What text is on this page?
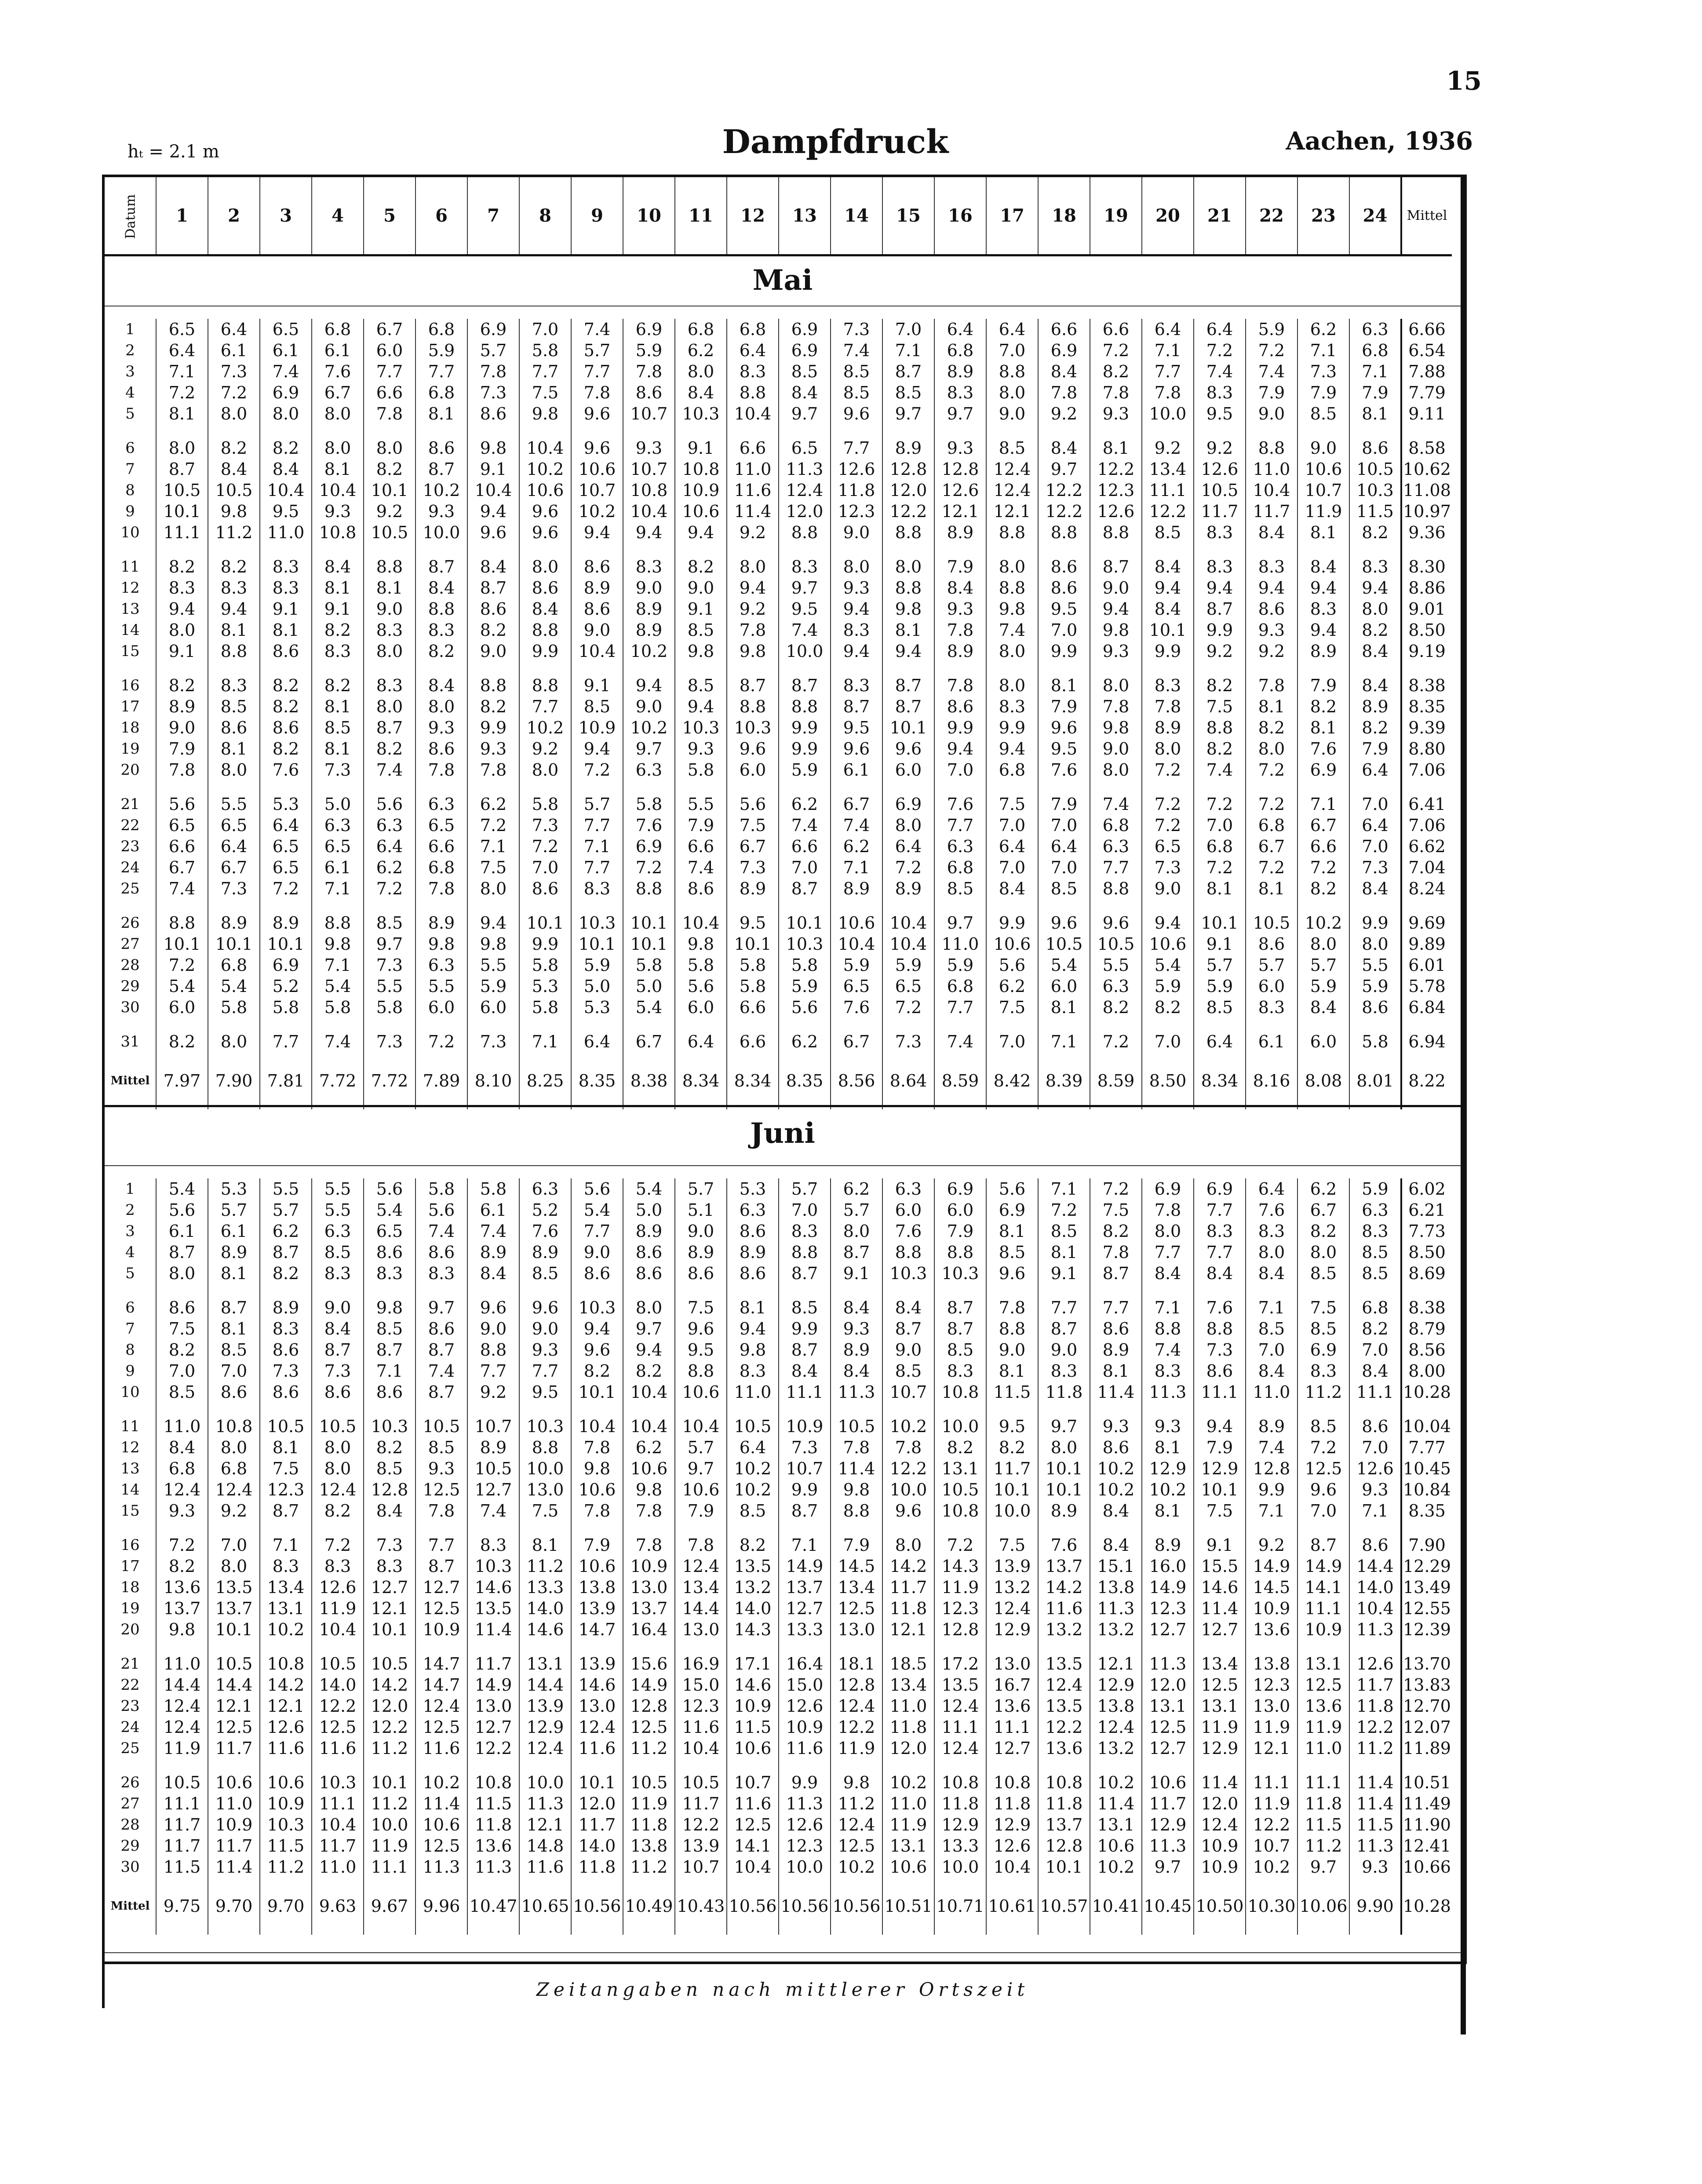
15
hₜ = 2.1 m	Dampfdruck	Aachen, 1936
Datum	1	2	3	4	5	6	7	8	9	10	11	12	13	14	15	16	17	18	19	20	21	22	23	24	Mittel
Mai
1	6.5	6.4	6.5	6.8	6.7	6.8	6.9	7.0	7.4	6.9	6.8	6.8	6.9	7.3	7.0	6.4	6.4	6.6	6.6	6.4	6.4	5.9	6.2	6.3	6.66
2	6.4	6.1	6.1	6.1	6.0	5.9	5.7	5.8	5.7	5.9	6.2	6.4	6.9	7.4	7.1	6.8	7.0	6.9	7.2	7.1	7.2	7.2	7.1	6.8	6.54
3	7.1	7.3	7.4	7.6	7.7	7.7	7.8	7.7	7.7	7.8	8.0	8.3	8.5	8.5	8.7	8.9	8.8	8.4	8.2	7.7	7.4	7.4	7.3	7.1	7.88
4	7.2	7.2	6.9	6.7	6.6	6.8	7.3	7.5	7.8	8.6	8.4	8.8	8.4	8.5	8.5	8.3	8.0	7.8	7.8	7.8	8.3	7.9	7.9	7.9	7.79
5	8.1	8.0	8.0	8.0	7.8	8.1	8.6	9.8	9.6	10.7	10.3	10.4	9.7	9.6	9.7	9.7	9.0	9.2	9.3	10.0	9.5	9.0	8.5	8.1	9.11

6	8.0	8.2	8.2	8.0	8.0	8.6	9.8	10.4	9.6	9.3	9.1	6.6	6.5	7.7	8.9	9.3	8.5	8.4	8.1	9.2	9.2	8.8	9.0	8.6	8.58
7	8.7	8.4	8.4	8.1	8.2	8.7	9.1	10.2	10.6	10.7	10.8	11.0	11.3	12.6	12.8	12.8	12.4	9.7	12.2	13.4	12.6	11.0	10.6	10.5	10.62
8	10.5	10.5	10.4	10.4	10.1	10.2	10.4	10.6	10.7	10.8	10.9	11.6	12.4	11.8	12.0	12.6	12.4	12.2	12.3	11.1	10.5	10.4	10.7	10.3	11.08
9	10.1	9.8	9.5	9.3	9.2	9.3	9.4	9.6	10.2	10.4	10.6	11.4	12.0	12.3	12.2	12.1	12.1	12.2	12.6	12.2	11.7	11.7	11.9	11.5	10.97
10	11.1	11.2	11.0	10.8	10.5	10.0	9.6	9.6	9.4	9.4	9.4	9.2	8.8	9.0	8.8	8.9	8.8	8.8	8.8	8.5	8.3	8.4	8.1	8.2	9.36

11	8.2	8.2	8.3	8.4	8.8	8.7	8.4	8.0	8.6	8.3	8.2	8.0	8.3	8.0	8.0	7.9	8.0	8.6	8.7	8.4	8.3	8.3	8.4	8.3	8.30
12	8.3	8.3	8.3	8.1	8.1	8.4	8.7	8.6	8.9	9.0	9.0	9.4	9.7	9.3	8.8	8.4	8.8	8.6	9.0	9.4	9.4	9.4	9.4	9.4	8.86
13	9.4	9.4	9.1	9.1	9.0	8.8	8.6	8.4	8.6	8.9	9.1	9.2	9.5	9.4	9.8	9.3	9.8	9.5	9.4	8.4	8.7	8.6	8.3	8.0	9.01
14	8.0	8.1	8.1	8.2	8.3	8.3	8.2	8.8	9.0	8.9	8.5	7.8	7.4	8.3	8.1	7.8	7.4	7.0	9.8	10.1	9.9	9.3	9.4	8.2	8.50
15	9.1	8.8	8.6	8.3	8.0	8.2	9.0	9.9	10.4	10.2	9.8	9.8	10.0	9.4	9.4	8.9	8.0	9.9	9.3	9.9	9.2	9.2	8.9	8.4	9.19

16	8.2	8.3	8.2	8.2	8.3	8.4	8.8	8.8	9.1	9.4	8.5	8.7	8.7	8.3	8.7	7.8	8.0	8.1	8.0	8.3	8.2	7.8	7.9	8.4	8.38
17	8.9	8.5	8.2	8.1	8.0	8.0	8.2	7.7	8.5	9.0	9.4	8.8	8.8	8.7	8.7	8.6	8.3	7.9	7.8	7.8	7.5	8.1	8.2	8.9	8.35
18	9.0	8.6	8.6	8.5	8.7	9.3	9.9	10.2	10.9	10.2	10.3	10.3	9.9	9.5	10.1	9.9	9.9	9.6	9.8	8.9	8.8	8.2	8.1	8.2	9.39
19	7.9	8.1	8.2	8.1	8.2	8.6	9.3	9.2	9.4	9.7	9.3	9.6	9.9	9.6	9.6	9.4	9.4	9.5	9.0	8.0	8.2	8.0	7.6	7.9	8.80
20	7.8	8.0	7.6	7.3	7.4	7.8	7.8	8.0	7.2	6.3	5.8	6.0	5.9	6.1	6.0	7.0	6.8	7.6	8.0	7.2	7.4	7.2	6.9	6.4	7.06

21	5.6	5.5	5.3	5.0	5.6	6.3	6.2	5.8	5.7	5.8	5.5	5.6	6.2	6.7	6.9	7.6	7.5	7.9	7.4	7.2	7.2	7.2	7.1	7.0	6.41
22	6.5	6.5	6.4	6.3	6.3	6.5	7.2	7.3	7.7	7.6	7.9	7.5	7.4	7.4	8.0	7.7	7.0	7.0	6.8	7.2	7.0	6.8	6.7	6.4	7.06
23	6.6	6.4	6.5	6.5	6.4	6.6	7.1	7.2	7.1	6.9	6.6	6.7	6.6	6.2	6.4	6.3	6.4	6.4	6.3	6.5	6.8	6.7	6.6	7.0	6.62
24	6.7	6.7	6.5	6.1	6.2	6.8	7.5	7.0	7.7	7.2	7.4	7.3	7.0	7.1	7.2	6.8	7.0	7.0	7.7	7.3	7.2	7.2	7.2	7.3	7.04
25	7.4	7.3	7.2	7.1	7.2	7.8	8.0	8.6	8.3	8.8	8.6	8.9	8.7	8.9	8.9	8.5	8.4	8.5	8.8	9.0	8.1	8.1	8.2	8.4	8.24

26	8.8	8.9	8.9	8.8	8.5	8.9	9.4	10.1	10.3	10.1	10.4	9.5	10.1	10.6	10.4	9.7	9.9	9.6	9.6	9.4	10.1	10.5	10.2	9.9	9.69
27	10.1	10.1	10.1	9.8	9.7	9.8	9.8	9.9	10.1	10.1	9.8	10.1	10.3	10.4	10.4	11.0	10.6	10.5	10.5	10.6	9.1	8.6	8.0	8.0	9.89
28	7.2	6.8	6.9	7.1	7.3	6.3	5.5	5.8	5.9	5.8	5.8	5.8	5.8	5.9	5.9	5.9	5.6	5.4	5.5	5.4	5.7	5.7	5.7	5.5	6.01
29	5.4	5.4	5.2	5.4	5.5	5.5	5.9	5.3	5.0	5.0	5.6	5.8	5.9	6.5	6.5	6.8	6.2	6.0	6.3	5.9	5.9	6.0	5.9	5.9	5.78
30	6.0	5.8	5.8	5.8	5.8	6.0	6.0	5.8	5.3	5.4	6.0	6.6	5.6	7.6	7.2	7.7	7.5	8.1	8.2	8.2	8.5	8.3	8.4	8.6	6.84

31	8.2	8.0	7.7	7.4	7.3	7.2	7.3	7.1	6.4	6.7	6.4	6.6	6.2	6.7	7.3	7.4	7.0	7.1	7.2	7.0	6.4	6.1	6.0	5.8	6.94
Mittel	7.97	7.90	7.81	7.72	7.72	7.89	8.10	8.25	8.35	8.38	8.34	8.34	8.35	8.56	8.64	8.59	8.42	8.39	8.59	8.50	8.34	8.16	8.08	8.01	8.22
Juni
1	5.4	5.3	5.5	5.5	5.6	5.8	5.8	6.3	5.6	5.4	5.7	5.3	5.7	6.2	6.3	6.9	5.6	7.1	7.2	6.9	6.9	6.4	6.2	5.9	6.02
2	5.6	5.7	5.7	5.5	5.4	5.6	6.1	5.2	5.4	5.0	5.1	6.3	7.0	5.7	6.0	6.0	6.9	7.2	7.5	7.8	7.7	7.6	6.7	6.3	6.21
3	6.1	6.1	6.2	6.3	6.5	7.4	7.4	7.6	7.7	8.9	9.0	8.6	8.3	8.0	7.6	7.9	8.1	8.5	8.2	8.0	8.3	8.3	8.2	8.3	7.73
4	8.7	8.9	8.7	8.5	8.6	8.6	8.9	8.9	9.0	8.6	8.9	8.9	8.8	8.7	8.8	8.8	8.5	8.1	7.8	7.7	7.7	8.0	8.0	8.5	8.50
5	8.0	8.1	8.2	8.3	8.3	8.3	8.4	8.5	8.6	8.6	8.6	8.6	8.7	9.1	10.3	10.3	9.6	9.1	8.7	8.4	8.4	8.4	8.5	8.5	8.69

6	8.6	8.7	8.9	9.0	9.8	9.7	9.6	9.6	10.3	8.0	7.5	8.1	8.5	8.4	8.4	8.7	7.8	7.7	7.7	7.1	7.6	7.1	7.5	6.8	8.38
7	7.5	8.1	8.3	8.4	8.5	8.6	9.0	9.0	9.4	9.7	9.6	9.4	9.9	9.3	8.7	8.7	8.8	8.7	8.6	8.8	8.8	8.5	8.5	8.2	8.79
8	8.2	8.5	8.6	8.7	8.7	8.7	8.8	9.3	9.6	9.4	9.5	9.8	8.7	8.9	9.0	8.5	9.0	9.0	8.9	7.4	7.3	7.0	6.9	7.0	8.56
9	7.0	7.0	7.3	7.3	7.1	7.4	7.7	7.7	8.2	8.2	8.8	8.3	8.4	8.4	8.5	8.3	8.1	8.3	8.1	8.3	8.6	8.4	8.3	8.4	8.00
10	8.5	8.6	8.6	8.6	8.6	8.7	9.2	9.5	10.1	10.4	10.6	11.0	11.1	11.3	10.7	10.8	11.5	11.8	11.4	11.3	11.1	11.0	11.2	11.1	10.28

11	11.0	10.8	10.5	10.5	10.3	10.5	10.7	10.3	10.4	10.4	10.4	10.5	10.9	10.5	10.2	10.0	9.5	9.7	9.3	9.3	9.4	8.9	8.5	8.6	10.04
12	8.4	8.0	8.1	8.0	8.2	8.5	8.9	8.8	7.8	6.2	5.7	6.4	7.3	7.8	7.8	8.2	8.2	8.0	8.6	8.1	7.9	7.4	7.2	7.0	7.77
13	6.8	6.8	7.5	8.0	8.5	9.3	10.5	10.0	9.8	10.6	9.7	10.2	10.7	11.4	12.2	13.1	11.7	10.1	10.2	12.9	12.9	12.8	12.5	12.6	10.45
14	12.4	12.4	12.3	12.4	12.8	12.5	12.7	13.0	10.6	9.8	10.6	10.2	9.9	9.8	10.0	10.5	10.1	10.1	10.2	10.2	10.1	9.9	9.6	9.3	10.84
15	9.3	9.2	8.7	8.2	8.4	7.8	7.4	7.5	7.8	7.8	7.9	8.5	8.7	8.8	9.6	10.8	10.0	8.9	8.4	8.1	7.5	7.1	7.0	7.1	8.35

16	7.2	7.0	7.1	7.2	7.3	7.7	8.3	8.1	7.9	7.8	7.8	8.2	7.1	7.9	8.0	7.2	7.5	7.6	8.4	8.9	9.1	9.2	8.7	8.6	7.90
17	8.2	8.0	8.3	8.3	8.3	8.7	10.3	11.2	10.6	10.9	12.4	13.5	14.9	14.5	14.2	14.3	13.9	13.7	15.1	16.0	15.5	14.9	14.9	14.4	12.29
18	13.6	13.5	13.4	12.6	12.7	12.7	14.6	13.3	13.8	13.0	13.4	13.2	13.7	13.4	11.7	11.9	13.2	14.2	13.8	14.9	14.6	14.5	14.1	14.0	13.49
19	13.7	13.7	13.1	11.9	12.1	12.5	13.5	14.0	13.9	13.7	14.4	14.0	12.7	12.5	11.8	12.3	12.4	11.6	11.3	12.3	11.4	10.9	11.1	10.4	12.55
20	9.8	10.1	10.2	10.4	10.1	10.9	11.4	14.6	14.7	16.4	13.0	14.3	13.3	13.0	12.1	12.8	12.9	13.2	13.2	12.7	12.7	13.6	10.9	11.3	12.39

21	11.0	10.5	10.8	10.5	10.5	14.7	11.7	13.1	13.9	15.6	16.9	17.1	16.4	18.1	18.5	17.2	13.0	13.5	12.1	11.3	13.4	13.8	13.1	12.6	13.70
22	14.4	14.4	14.2	14.0	14.2	14.7	14.9	14.4	14.6	14.9	15.0	14.6	15.0	12.8	13.4	13.5	16.7	12.4	12.9	12.0	12.5	12.3	12.5	11.7	13.83
23	12.4	12.1	12.1	12.2	12.0	12.4	13.0	13.9	13.0	12.8	12.3	10.9	12.6	12.4	11.0	12.4	13.6	13.5	13.8	13.1	13.1	13.0	13.6	11.8	12.70
24	12.4	12.5	12.6	12.5	12.2	12.5	12.7	12.9	12.4	12.5	11.6	11.5	10.9	12.2	11.8	11.1	11.1	12.2	12.4	12.5	11.9	11.9	11.9	12.2	12.07
25	11.9	11.7	11.6	11.6	11.2	11.6	12.2	12.4	11.6	11.2	10.4	10.6	11.6	11.9	12.0	12.4	12.7	13.6	13.2	12.7	12.9	12.1	11.0	11.2	11.89

26	10.5	10.6	10.6	10.3	10.1	10.2	10.8	10.0	10.1	10.5	10.5	10.7	9.9	9.8	10.2	10.8	10.8	10.8	10.2	10.6	11.4	11.1	11.1	11.4	10.51
27	11.1	11.0	10.9	11.1	11.2	11.4	11.5	11.3	12.0	11.9	11.7	11.6	11.3	11.2	11.0	11.8	11.8	11.8	11.4	11.7	12.0	11.9	11.8	11.4	11.49
28	11.7	10.9	10.3	10.4	10.0	10.6	11.8	12.1	11.7	11.8	12.2	12.5	12.6	12.4	11.9	12.9	12.9	13.7	13.1	12.9	12.4	12.2	11.5	11.5	11.90
29	11.7	11.7	11.5	11.7	11.9	12.5	13.6	14.8	14.0	13.8	13.9	14.1	12.3	12.5	13.1	13.3	12.6	12.8	10.6	11.3	10.9	10.7	11.2	11.3	12.41
30	11.5	11.4	11.2	11.0	11.1	11.3	11.3	11.6	11.8	11.2	10.7	10.4	10.0	10.2	10.6	10.0	10.4	10.1	10.2	9.7	10.9	10.2	9.7	9.3	10.66
Mittel	9.75	9.70	9.70	9.63	9.67	9.96	10.47	10.65	10.56	10.49	10.43	10.56	10.56	10.56	10.51	10.71	10.61	10.57	10.41	10.45	10.50	10.30	10.06	9.90	10.28
Zeitangaben nach mittlerer Ortszeit
